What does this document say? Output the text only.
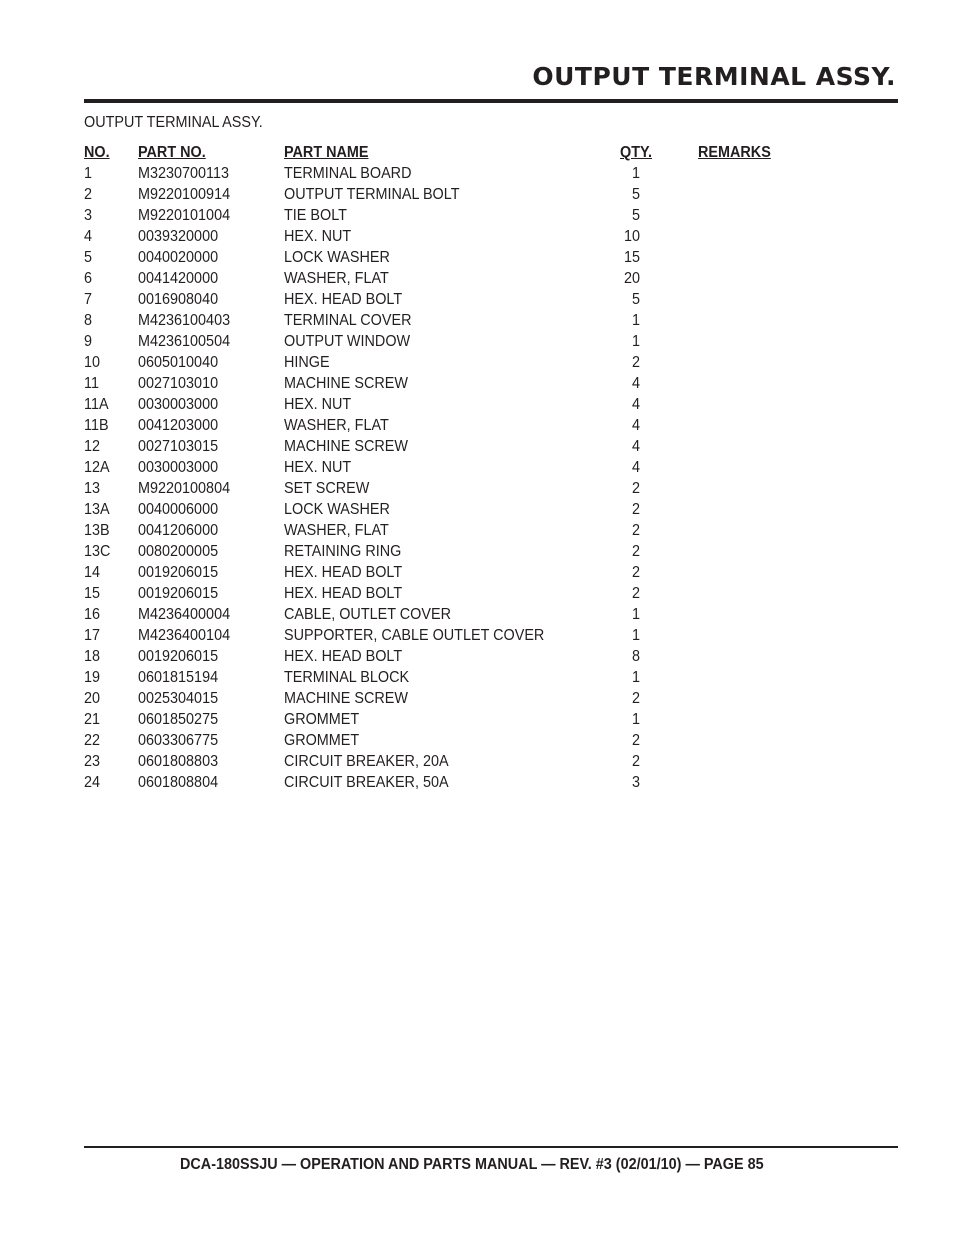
OUTPUT TERMINAL ASSY.
OUTPUT TERMINAL ASSY.
NO. PART NO.	PART NAME	QTY.	REMARKS
1	M3230700113	TERMINAL BOARD	1
2	M9220100914	OUTPUT TERMINAL BOLT	5
3	M9220101004	TIE BOLT	5
4	0039320000	HEX. NUT	10
5	0040020000	LOCK WASHER	15
6	0041420000	WASHER, FLAT	20
7	0016908040	HEX. HEAD BOLT	5
8	M4236100403	TERMINAL COVER	1
9	M4236100504	OUTPUT WINDOW	1
10 0605010040	HINGE	2
11 0027103010	MACHINE SCREW	4
11A 0030003000	HEX. NUT	4
11B 0041203000	WASHER, FLAT	4
12 0027103015	MACHINE SCREW	4
12A 0030003000	HEX. NUT	4
13 M9220100804	SET SCREW	2
13A 0040006000	LOCK WASHER	2
13B 0041206000	WASHER, FLAT	2
13C 0080200005	RETAINING RING	2
14 0019206015	HEX. HEAD BOLT	2
15 0019206015	HEX. HEAD BOLT	2
16 M4236400004	CABLE, OUTLET COVER	1
17 M4236400104	SUPPORTER, CABLE OUTLET COVER	1
18 0019206015	HEX. HEAD BOLT	8
19 0601815194	TERMINAL BLOCK	1
20 0025304015	MACHINE SCREW	2
21 0601850275	GROMMET	1
22 0603306775	GROMMET	2
23 0601808803	CIRCUIT BREAKER, 20A	2
24 0601808804	CIRCUIT BREAKER, 50A	3
DCA-180SSJU — OPERATION AND PARTS MANUAL — REV. #3 (02/01/10) — PAGE 85
